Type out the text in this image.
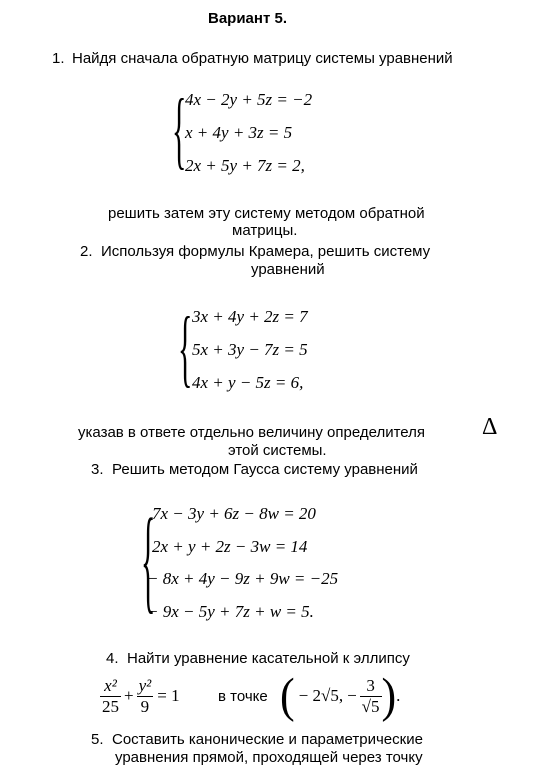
Вариант 5.
1. Найдя сначала обратную матрицу системы уравнений
{
4x − 2y + 5z = −2
x + 4y + 3z = 5
2x + 5y + 7z = 2,
решить затем эту систему методом обратной
матрицы.
2. Используя формулы Крамера, решить систему
уравнений
{ 3x + 4y + 2z = 7
5x + 3y − 7z = 5
4x + y − 5z = 6,
указав в ответе отдельно величину определителя Δ
этой системы.
3. Решить методом Гаусса систему уравнений
{
7x − 3y + 6z − 8w = 20
2x + y + 2z − 3w = 14
− 8x + 4y − 9z + 9w = −25
− 9x − 5y + 7z + w = 5.
4. Найти уравнение касательной к эллипсу
$\frac{\text{x²}}{25} + \frac{\text{y²}}{9} = 1$	в точке ( − 2√5, − $\frac{3}{√5}$ ) .
5. Составить канонические и параметрические
уравнения прямой, проходящей через точку
